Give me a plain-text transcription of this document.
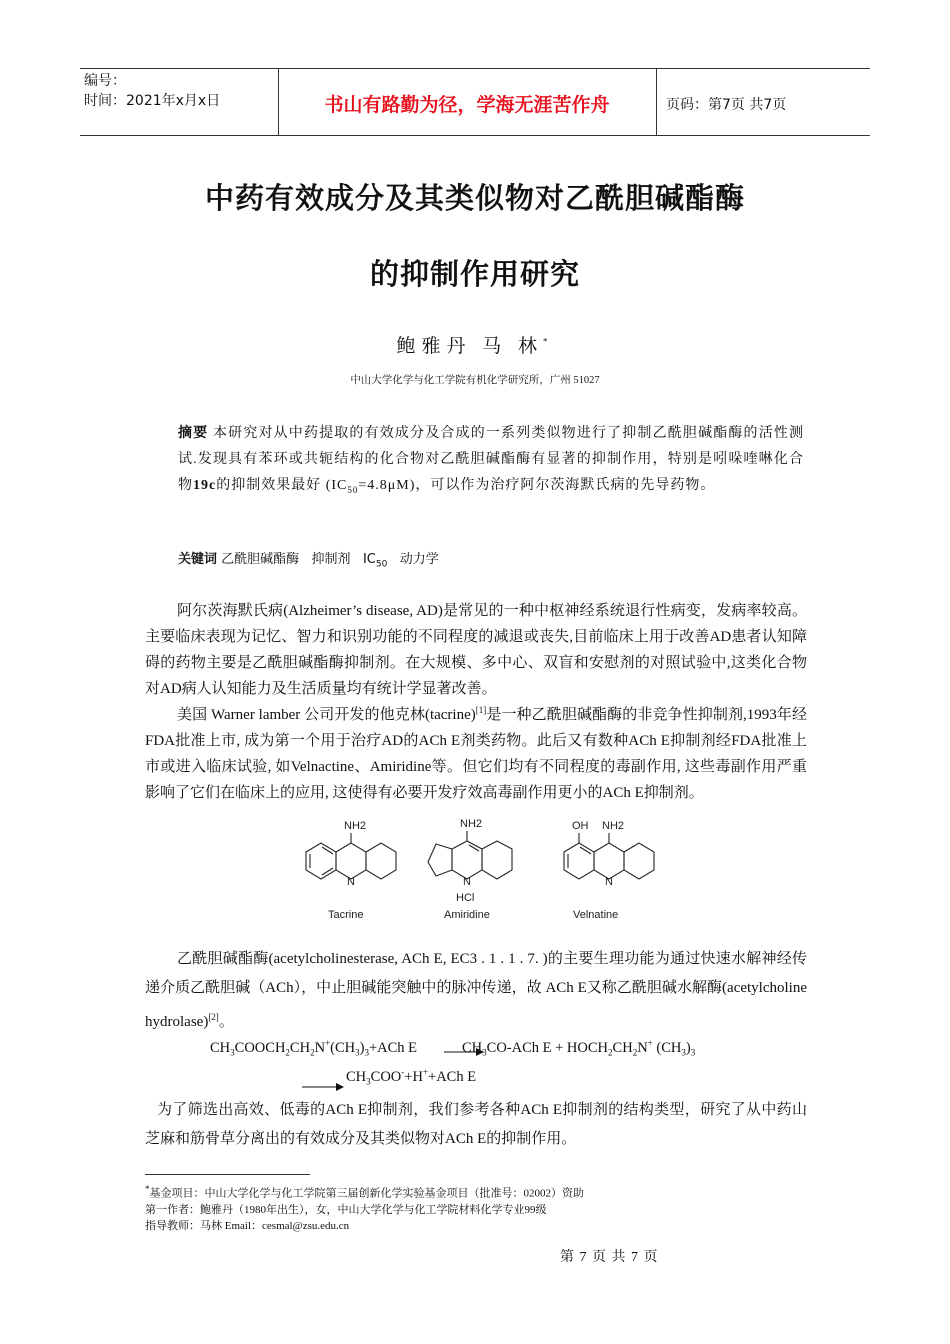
编号：
时间：2021年x月x日	书山有路勤为径，学海无涯苦作舟	页码：第7页 共7页
中药有效成分及其类似物对乙酰胆碱酯酶
的抑制作用研究
鲍雅丹 马 林*
中山大学化学与化工学院有机化学研究所，广州 51027
摘要 本研究对从中药提取的有效成分及合成的一系列类似物进行了抑制乙酰胆碱酯酶的活性测试.发现具有苯环或共轭结构的化合物对乙酰胆碱酯酶有显著的抑制作用，特别是吲哚喹啉化合物19c的抑制效果最好 $(IC_{50}=4.8\mu M)$，可以作为治疗阿尔茨海默氏病的先导药物。
关键词 乙酰胆碱酯酶   抑制剂   $IC_{50}$   动力学
阿尔茨海默氏病(Alzheimer’s disease, AD)是常见的一种中枢神经系统退行性病变，发病率较高。主要临床表现为记忆、智力和识别功能的不同程度的减退或丧失,目前临床上用于改善AD患者认知障碍的药物主要是乙酰胆碱酯酶抑制剂。在大规模、多中心、双盲和安慰剂的对照试验中,这类化合物对AD病人认知能力及生活质量均有统计学显著改善。
美国 Warner lamber 公司开发的他克林(tacrine)[1]是一种乙酰胆碱酯酶的非竞争性抑制剂,1993年经FDA批准上市, 成为第一个用于治疗AD的ACh E剂类药物。此后又有数种ACh E抑制剂经FDA批准上市或进入临床试验, 如Velnactine、Amiridine等。但它们均有不同程度的毒副作用, 这些毒副作用严重影响了它们在临床上的应用, 这使得有必要开发疗效高毒副作用更小的ACh E抑制剂。
NH2
N
NH2
N
HCl
OH NH2
N
Tacrine	Amiridine	Velnatine
乙酰胆碱酯酶(acetylcholinesterase, ACh E, EC3 . 1 . 1 . 7. )的主要生理功能为通过快速水解神经传递介质乙酰胆碱（ACh），中止胆碱能突触中的脉冲传递，故 ACh E又称乙酰胆碱水解酶(acetylcholine hydrolase)[2]。
$CH_3COOCH_2CH_2N^+(CH_3)_3+ACh$ E	$CH_3CO$-ACh $E + HOCH_2CH_2N^+$ $(CH_3)_3$
$CH_3COO^-+H^++ACh$ E
为了筛选出高效、低毒的ACh E抑制剂，我们参考各种ACh E抑制剂的结构类型，研究了从中药山芝麻和筋骨草分离出的有效成分及其类似物对ACh E的抑制作用。
*基金项目：中山大学化学与化工学院第三届创新化学实验基金项目（批准号：02002）资助
第一作者：鲍雅丹（1980年出生），女，中山大学化学与化工学院材料化学专业99级
指导教师：马林 Email：cesmal@zsu.edu.cn
第 7 页 共 7 页
